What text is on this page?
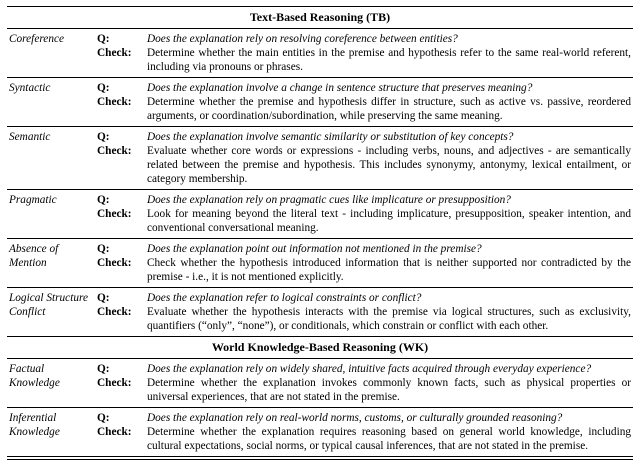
Text-Based Reasoning (TB)
Coreference	Q:	Does the explanation rely on resolving coreference between entities?
Check:	Determine whether the main entities in the premise and hypothesis refer to the same real-world referent, including via pronouns or phrases.
Syntactic	Q:	Does the explanation involve a change in sentence structure that preserves meaning?
Check:	Determine whether the premise and hypothesis differ in structure, such as active vs. passive, reordered arguments, or coordination/subordination, while preserving the same meaning.
Semantic	Q:	Does the explanation involve semantic similarity or substitution of key concepts?
Check:	Evaluate whether core words or expressions - including verbs, nouns, and adjectives - are semantically related between the premise and hypothesis. This includes synonymy, antonymy, lexical entailment, or category membership.
Pragmatic	Q:	Does the explanation rely on pragmatic cues like implicature or presupposition?
Check:	Look for meaning beyond the literal text - including implicature, presupposition, speaker intention, and conventional conversational meaning.
Absence of Mention
Q:	Does the explanation point out information not mentioned in the premise?
Check:	Check whether the hypothesis introduced information that is neither supported nor contradicted by the premise - i.e., it is not mentioned explicitly.
Logical Structure Conflict
Q:	Does the explanation refer to logical constraints or conflict?
Check:	Evaluate whether the hypothesis interacts with the premise via logical structures, such as exclusivity, quantifiers (“only”, “none”), or conditionals, which constrain or conflict with each other.
World Knowledge-Based Reasoning (WK)
Factual Knowledge
Q:	Does the explanation rely on widely shared, intuitive facts acquired through everyday experience?
Check:	Determine whether the explanation invokes commonly known facts, such as physical properties or universal experiences, that are not stated in the premise.
Inferential Knowledge
Q:	Does the explanation rely on real-world norms, customs, or culturally grounded reasoning?
Check:	Determine whether the explanation requires reasoning based on general world knowledge, including cultural expectations, social norms, or typical causal inferences, that are not stated in the premise.
